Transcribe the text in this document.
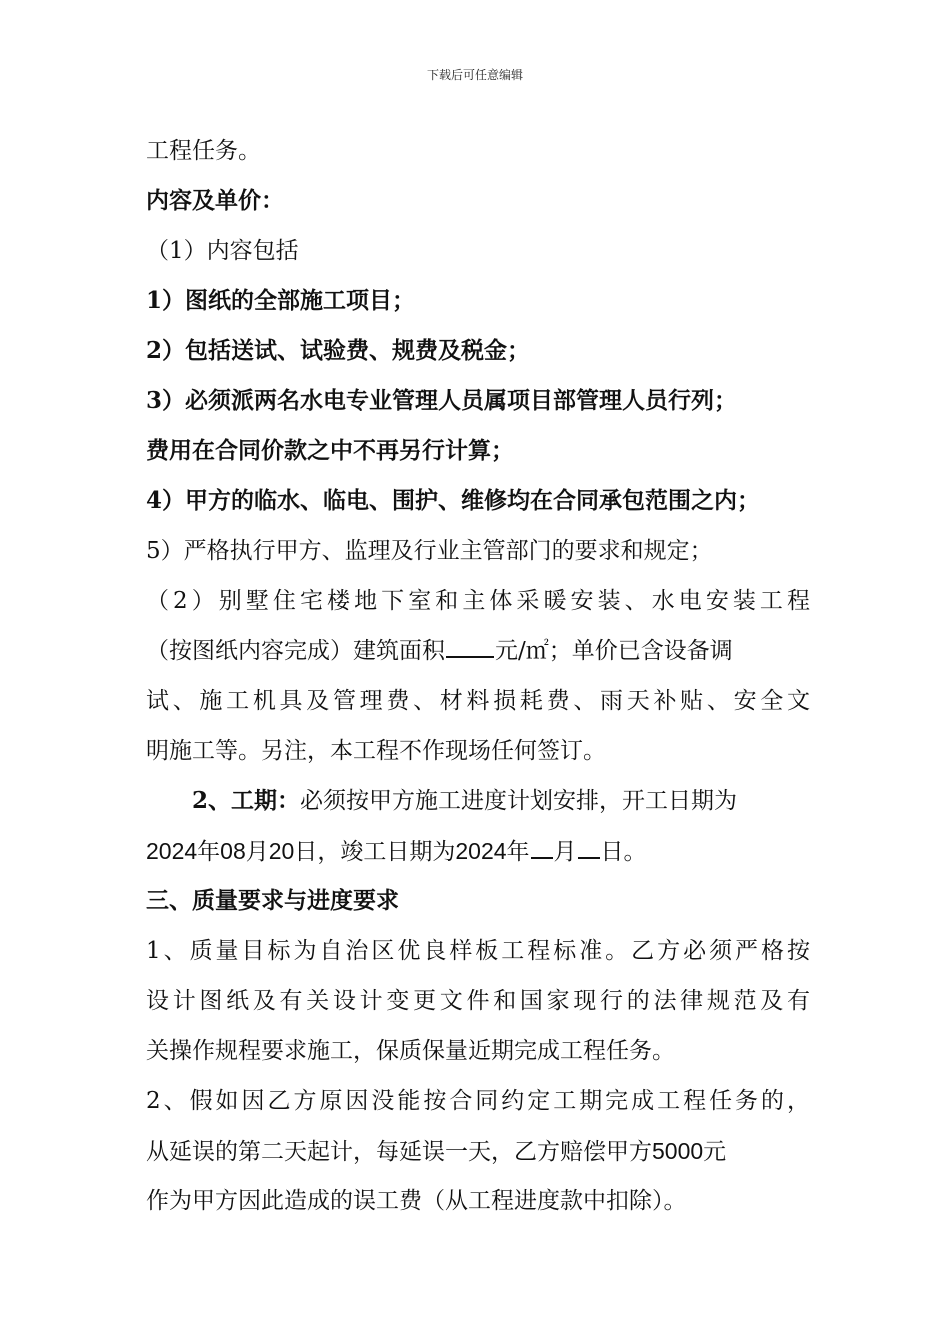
下载后可任意编辑
工程任务。
内容及单价：
（1）内容包括
1）图纸的全部施工项目；
2）包括送试、试验费、规费及税金；
3）必须派两名水电专业管理人员属项目部管理人员行列；
费用在合同价款之中不再另行计算；
4）甲方的临水、临电、围护、维修均在合同承包范围之内；
5）严格执行甲方、监理及行业主管部门的要求和规定；
（2）别墅住宅楼地下室和主体采暖安装、水电安装工程
（按图纸内容完成）建筑面积 元/㎡；单价已含设备调
试、施工机具及管理费、材料损耗费、雨天补贴、安全文
明施工等。另注，本工程不作现场任何签订。
2、工期：必须按甲方施工进度计划安排，开工日期为
2024年08月20日，竣工日期为2024年 月 日。
三、质量要求与进度要求
1、质量目标为自治区优良样板工程标准。乙方必须严格按
设计图纸及有关设计变更文件和国家现行的法律规范及有
关操作规程要求施工，保质保量近期完成工程任务。
2、假如因乙方原因没能按合同约定工期完成工程任务的，
从延误的第二天起计，每延误一天，乙方赔偿甲方5000元
作为甲方因此造成的误工费（从工程进度款中扣除）。
